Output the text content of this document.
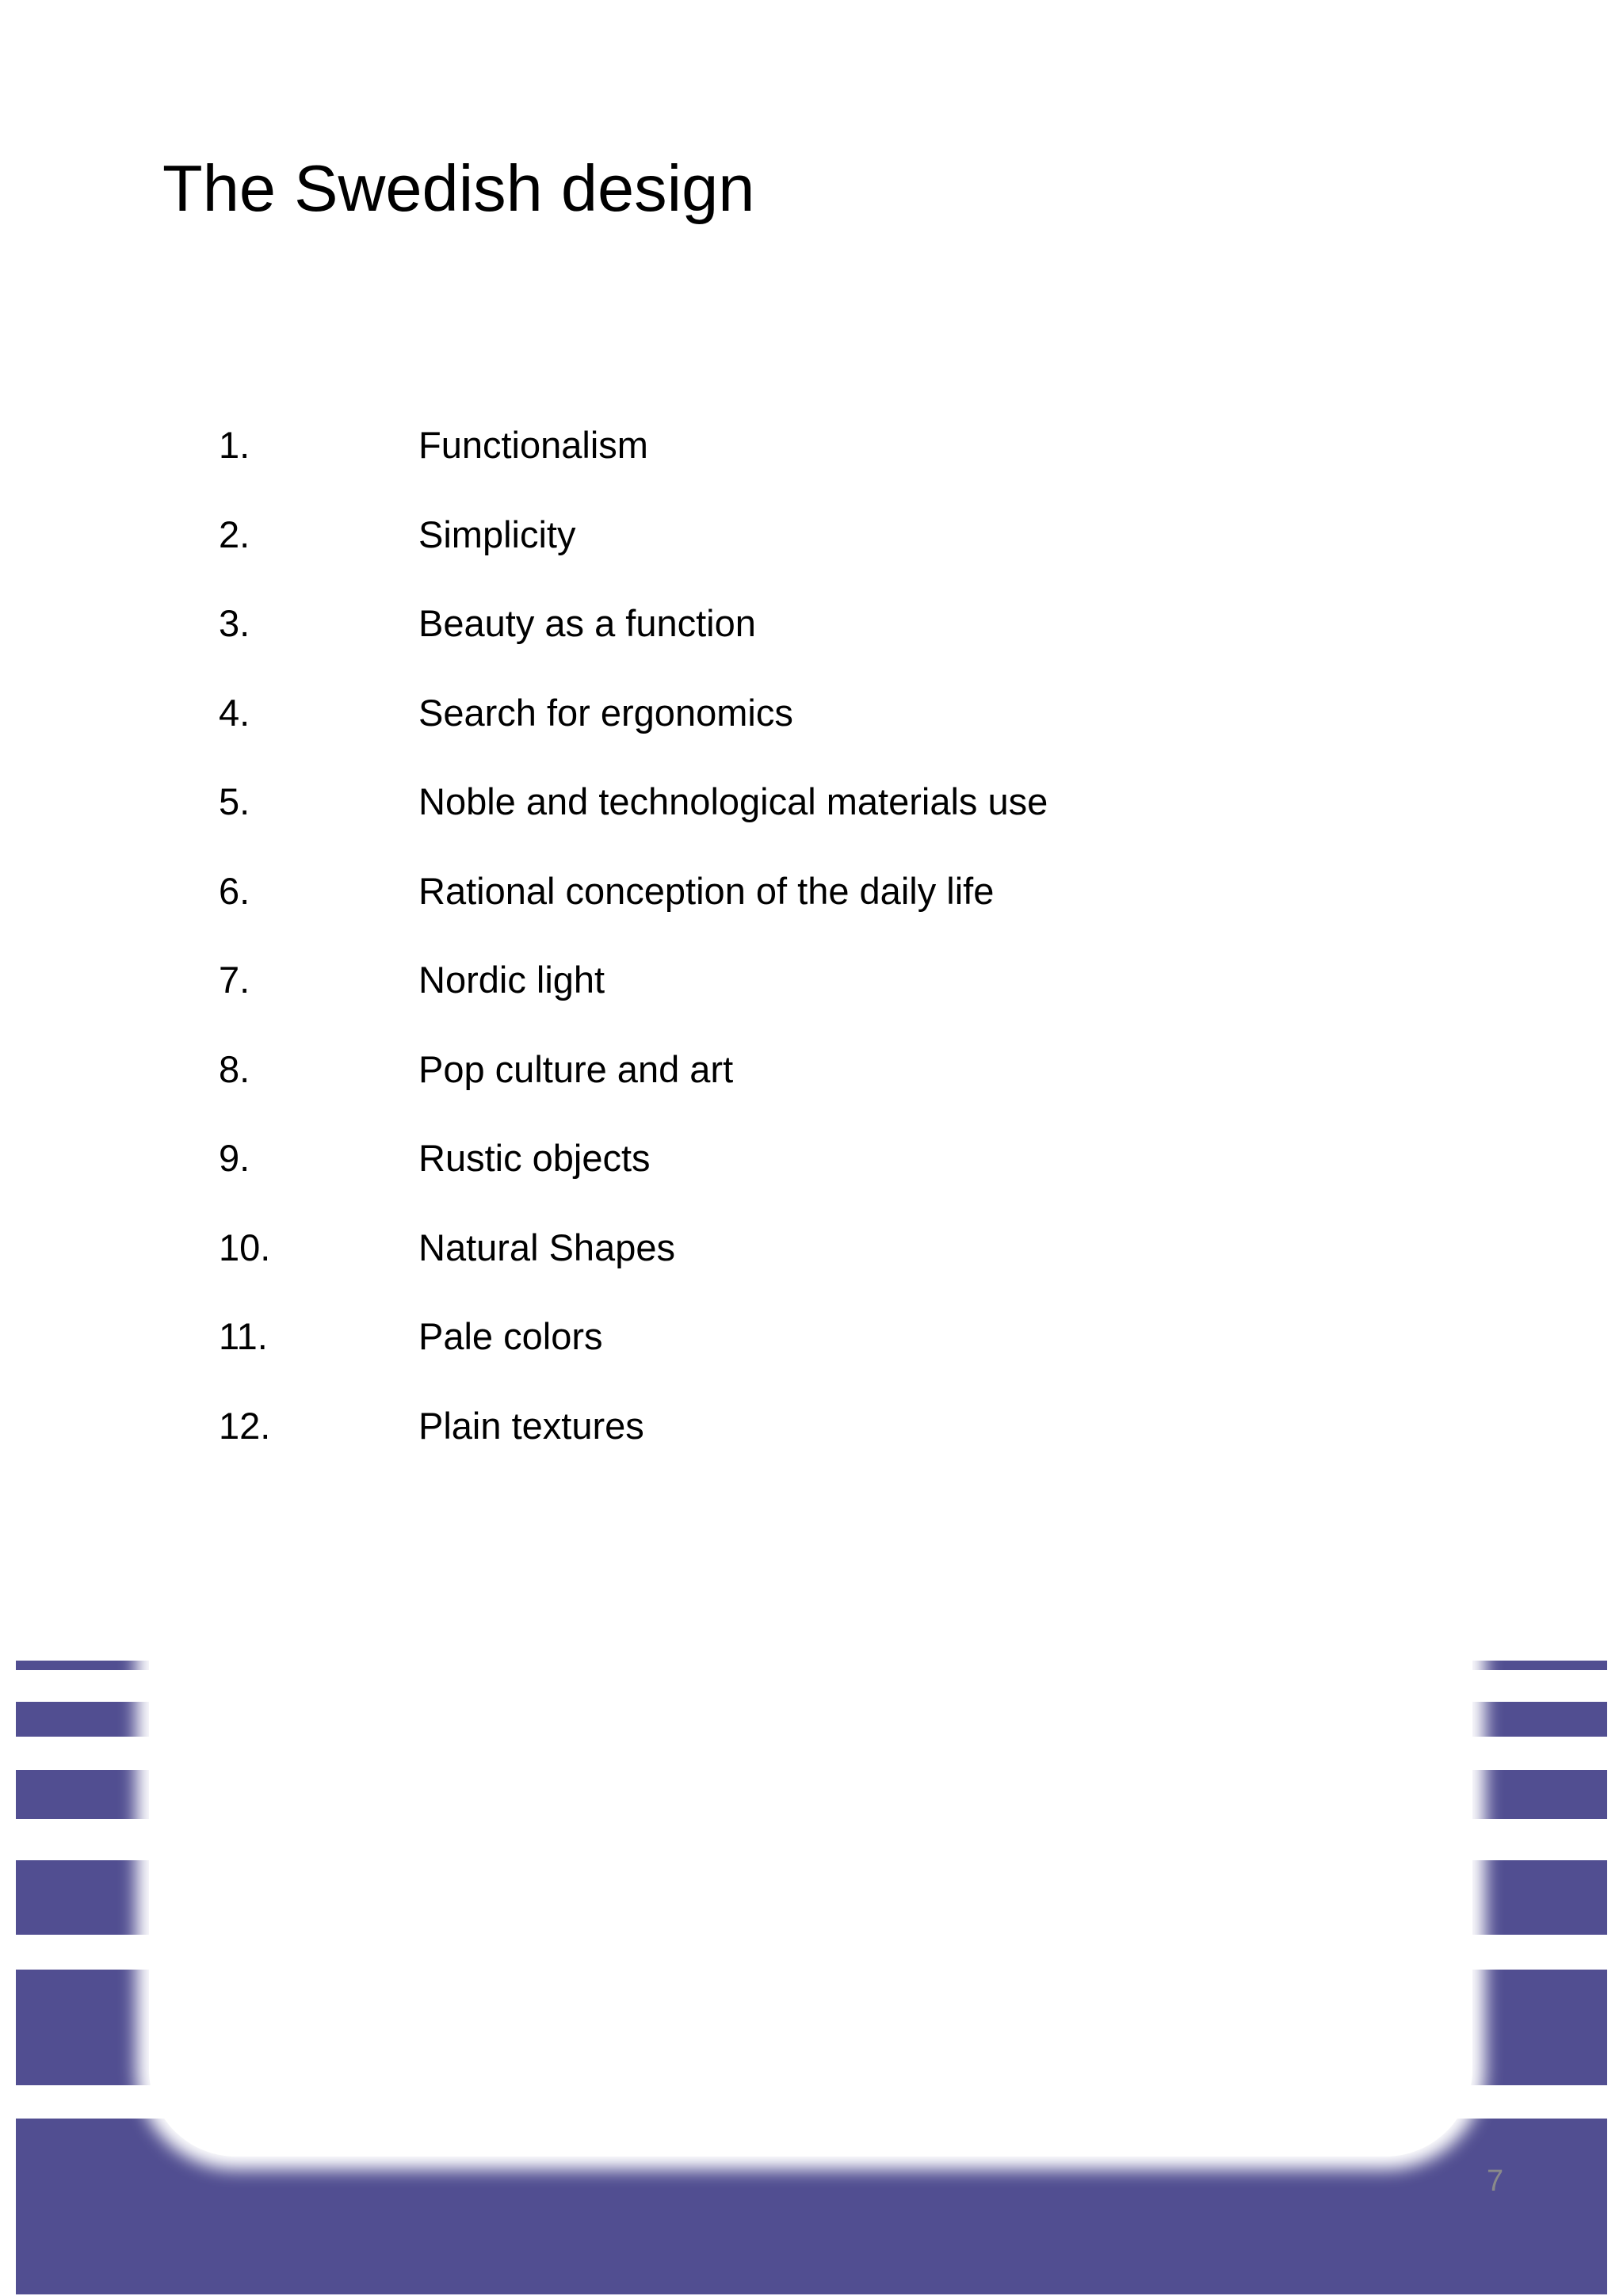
The Swedish design
1.	Functionalism
2.	Simplicity
3.	Beauty as a function
4.	Search for ergonomics
5.	Noble and technological materials use
6.	Rational conception of the daily life
7.	Nordic light
8.	Pop culture and art
9.	Rustic objects
10.	Natural Shapes
11.	Pale colors
12.	Plain textures
7
